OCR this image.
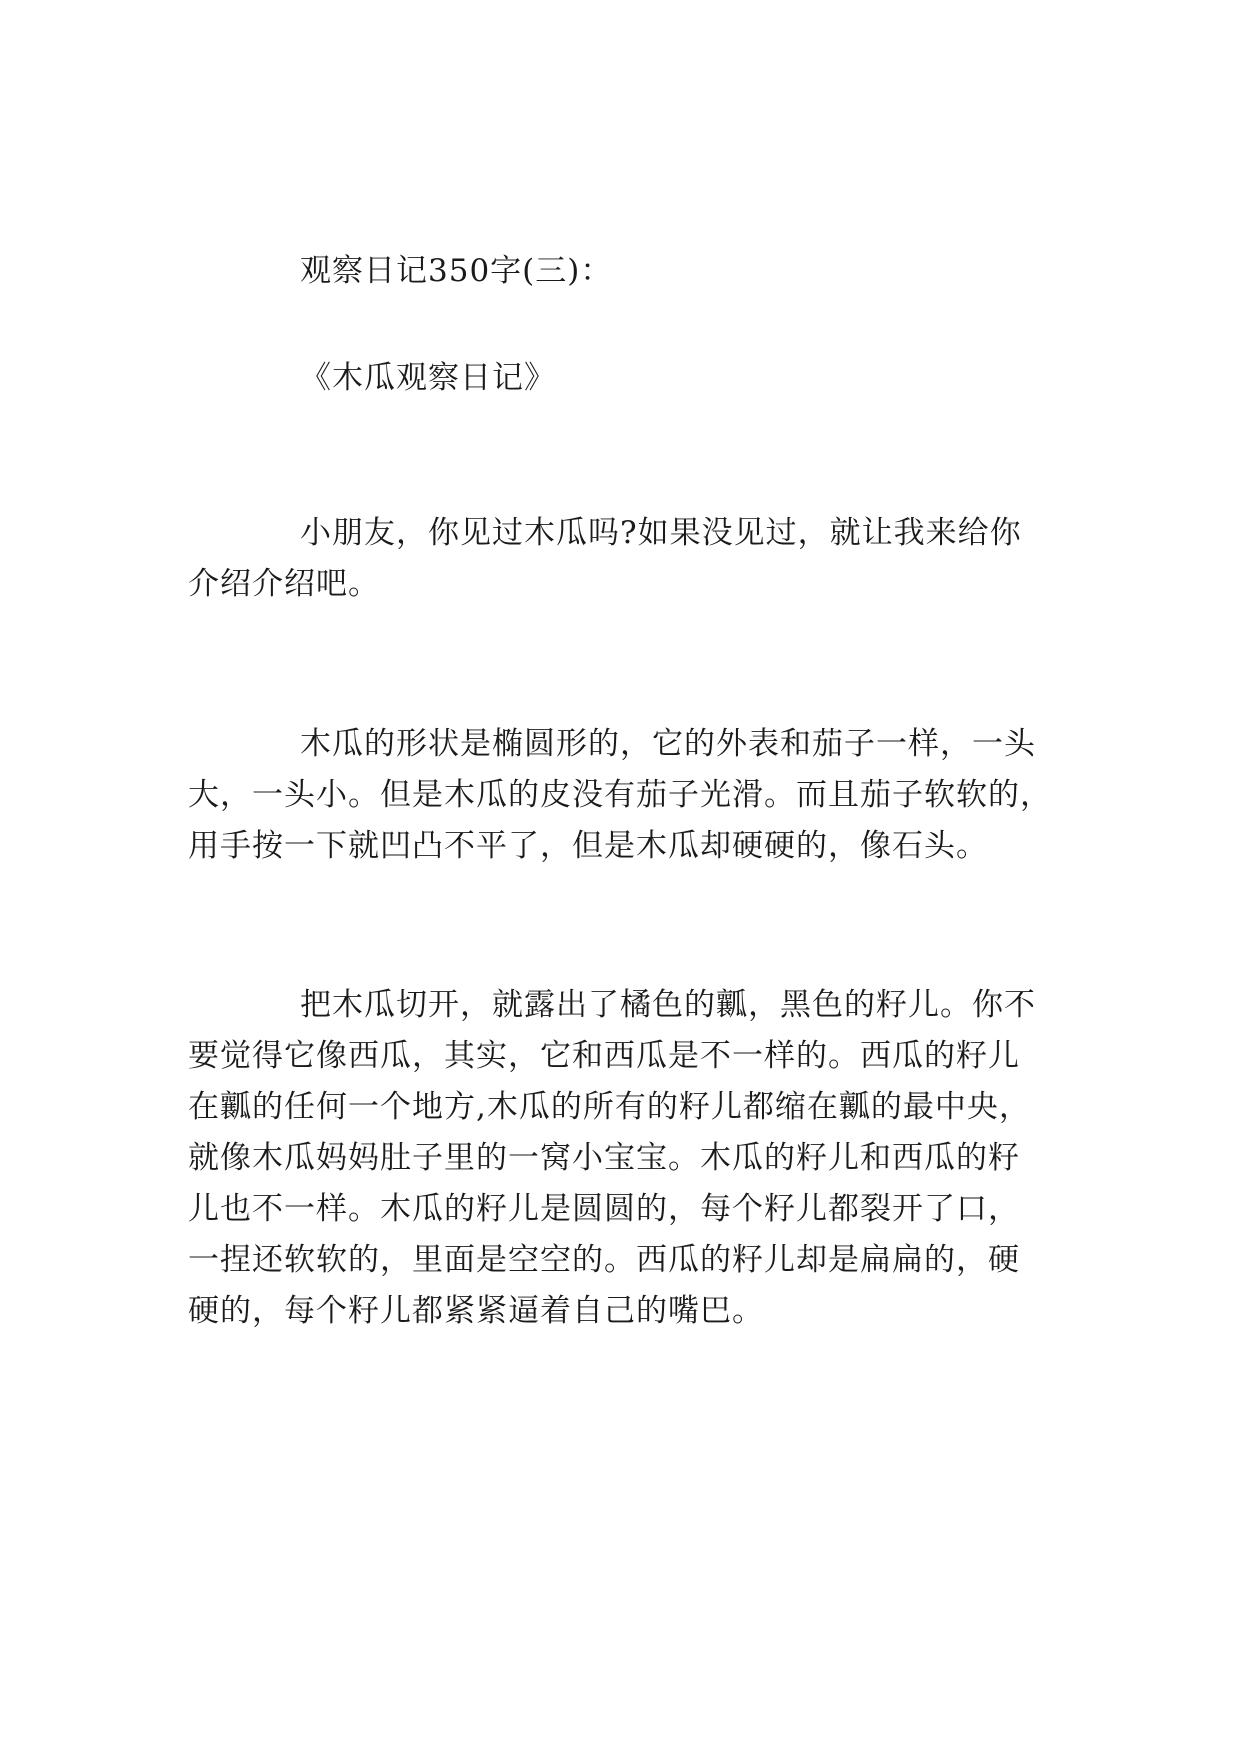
观察日记350字(三)：
《木瓜观察日记》
小朋友，你见过木瓜吗?如果没见过，就让我来给你
介绍介绍吧。
木瓜的形状是椭圆形的，它的外表和茄子一样，一头
大，一头小。但是木瓜的皮没有茄子光滑。而且茄子软软的，
用手按一下就凹凸不平了，但是木瓜却硬硬的，像石头。
把木瓜切开，就露出了橘色的瓤，黑色的籽儿。你不
要觉得它像西瓜，其实，它和西瓜是不一样的。西瓜的籽儿
在瓤的任何一个地方,木瓜的所有的籽儿都缩在瓤的最中央，
就像木瓜妈妈肚子里的一窝小宝宝。木瓜的籽儿和西瓜的籽
儿也不一样。木瓜的籽儿是圆圆的，每个籽儿都裂开了口，
一捏还软软的，里面是空空的。西瓜的籽儿却是扁扁的，硬
硬的，每个籽儿都紧紧逼着自己的嘴巴。
